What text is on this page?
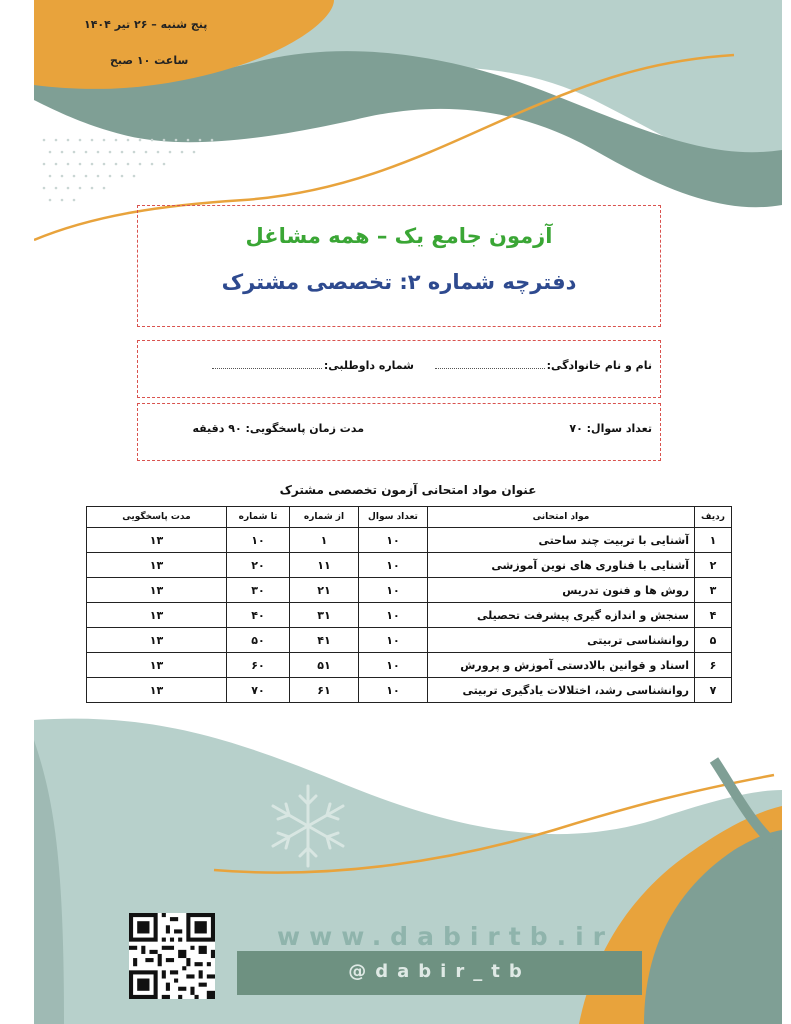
پنج شنبه – ۲۶ تیر ۱۴۰۴
ساعت ۱۰ صبح
آزمون جامع یک – همه مشاغل
دفترچه شماره ۲: تخصصی مشترک
نام و نام خانوادگی:
شماره داوطلبی:
تعداد سوال: ۷۰
مدت زمان پاسخگویی: ۹۰ دقیقه
عنوان مواد امتحانی آزمون تخصصی مشترک
ردیف	مواد امتحانی	تعداد سوال	از شماره	تا شماره	مدت پاسخگویی
۱	آشنایی با تربیت چند ساحتی	۱۰	۱	۱۰	۱۳
۲	آشنایی با فناوری های نوین آموزشی	۱۰	۱۱	۲۰	۱۳
۳	روش ها و فنون تدریس	۱۰	۲۱	۳۰	۱۳
۴	سنجش و اندازه گیری پیشرفت تحصیلی	۱۰	۳۱	۴۰	۱۳
۵	روانشناسی تربیتی	۱۰	۴۱	۵۰	۱۳
۶	اسناد و قوانین بالادستی آموزش و پرورش	۱۰	۵۱	۶۰	۱۳
۷	روانشناسی رشد، اختلالات یادگیری تربیتی	۱۰	۶۱	۷۰	۱۳
www.dabirtb.ir
@dabir_tb
